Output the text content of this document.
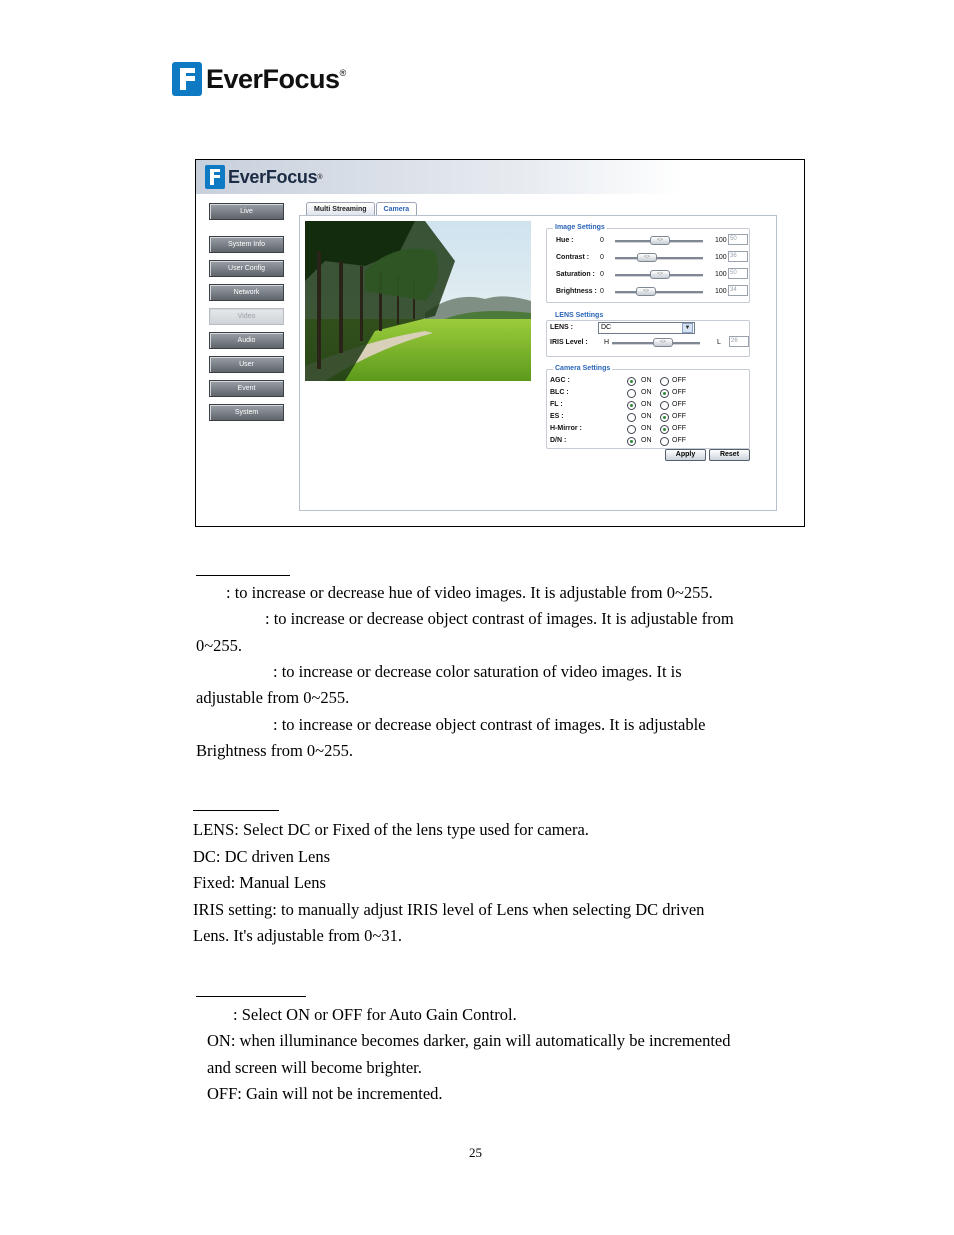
EverFocus ®
EverFocus ®
Live
System Info
User Config
Network
Video
Audio
User
Event
System
Multi Streaming	Camera
Image Settings
Hue :	0	<>	100 50
Contrast : 0	<>	100 36
Saturation : 0	<>	100 50
Brightness : 0	<>	100 34
LENS Settings
LENS :	DC	▼
IRIS Level : H	<>	L	26
Camera Settings
AGC :	ON	OFF
BLC :	ON	OFF
FL :	ON	OFF
ES :	ON	OFF
H-Mirror :	ON	OFF
D/N :	ON	OFF
Apply	Reset
: to increase or decrease hue of video images. It is adjustable from 0~255.
: to increase or decrease object contrast of images. It is adjustable from
0~255.
: to increase or decrease color saturation of video images. It is
adjustable from 0~255.
: to increase or decrease object contrast of images. It is adjustable
Brightness from 0~255.
LENS: Select DC or Fixed of the lens type used for camera.
DC: DC driven Lens
Fixed: Manual Lens
IRIS setting: to manually adjust IRIS level of Lens when selecting DC driven
Lens. It's adjustable from 0~31.
: Select ON or OFF for Auto Gain Control.
ON: when illuminance becomes darker, gain will automatically be incremented
and screen will become brighter.
OFF: Gain will not be incremented.
25
